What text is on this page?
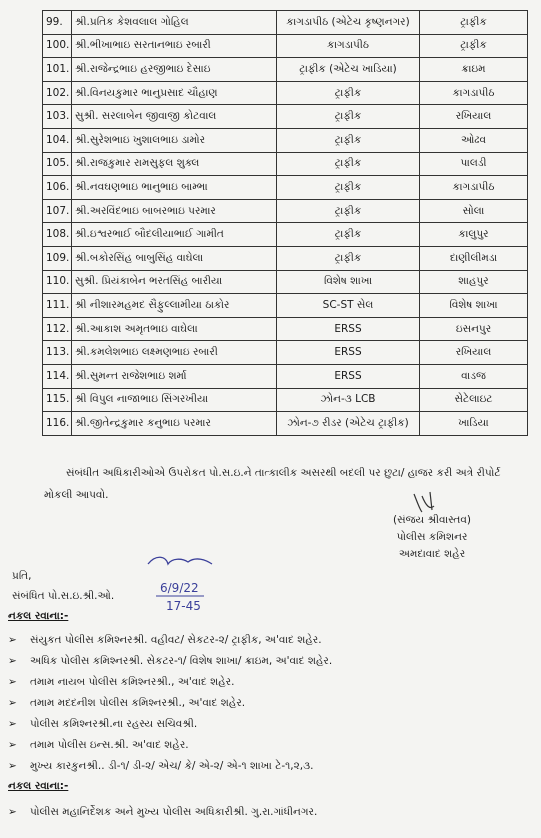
99.	શ્રી.પ્રતિક કેશવલાલ ગોહિલ	કાગડાપીઠ (એટેચ કૃષ્ણનગર)	ટ્રાફીક
100.	શ્રી.ભીખાભાઇ સરતાનભાઇ રબારી	કાગડાપીઠ	ટ્રાફીક
101.	શ્રી.રાજેન્દ્રભાઇ હરજીભાઇ દેસાઇ	ટ્રાફીક (એટેચ ખાડિયા)	ક્રાઇમ
102.	શ્રી.વિનયકુમાર ભાનુપ્રસાદ ચૌહાણ	ટ્રાફીક	કાગડાપીઠ
103.	સુશ્રી. સરલાબેન જીવાજી કોટવાલ	ટ્રાફીક	રખિયાલ
104.	શ્રી.સુરેશભાઇ ખુશાલભાઇ ડામોર	ટ્રાફીક	ઓઢવ
105.	શ્રી.રાજકુમાર રામસુફલ શુક્લ	ટ્રાફીક	પાલડી
106.	શ્રી.નવઘણભાઇ ભાનુભાઇ બામ્ભા	ટ્રાફીક	કાગડાપીઠ
107.	શ્રી.અરવિંદભાઇ બાબરભાઇ પરમાર	ટ્રાફીક	સોલા
108.	શ્રી.ઇશ્વરભાઈ બૌદલીયાભાઈ ગામીત	ટ્રાફીક	કાલુપુર
109.	શ્રી.બકોરસિંહ બાબુસિંહ વાઘેલા	ટ્રાફીક	દાણીલીમડા
110.	સુશ્રી. પ્રિયંકાબેન ભરતસિંહ બારીયા	વિશેષ શાખા	શાહપુર
111.	શ્રી નીશારમહમદ સૈફુલ્લામીયા ઠાકોર	SC-ST સેલ	વિશેષ શાખા
112.	શ્રી.આકાશ અમૃતભાઇ વાઘેલા	ERSS	ઇસનપુર
113.	શ્રી.કમલેશભાઇ લક્ષ્મણભાઇ રબારી	ERSS	રખિયાલ
114.	શ્રી.સુમન્ત રાજેશભાઇ શર્મા	ERSS	વાડજ
115.	શ્રી વિપુલ નાજાભાઇ સિંગરખીયા	ઝોન-૩ LCB	સેટેલાઇટ
116.	શ્રી.જીતેન્દ્રકુમાર કનુભાઇ પરમાર	ઝોન-૭ રીડર (એટેચ ટ્રાફીક)	ખાડિયા
સંબંધીત અધિકારીઓએ ઉપરોકત પો.સ.ઇ.ને તાત્કાલીક અસરથી બદલી પર છુટા/ હાજર કરી અત્રે રીપોર્ટ મોકલી આપવો.
(સંજય શ્રીવાસ્તવ)
પોલીસ કમિશનર
અમદાવાદ શહેર
પ્રતિ,
સંબંધિત પો.સ.ઇ.શ્રી.ઓ.
6/9/22
17-45
નકલ રવાના:-
➢ સંયુકત પોલીસ કમિશ્નરશ્રી. વહીવટ/ સેકટર-૨/ ટ્રાફીક, અ'વાદ શહેર.
➢ અધિક પોલીસ કમિશ્નરશ્રી. સેકટર-૧/ વિશેષ શાખા/ ક્રાઇમ, અ'વાદ શહેર.
➢ તમામ નાયબ પોલીસ કમિશ્નરશ્રી., અ'વાદ શહેર.
➢ તમામ મદદનીશ પોલીસ કમિશ્નરશ્રી., અ'વાદ શહેર.
➢ પોલીસ કમિશ્નરશ્રી.ના રહસ્ય સચિવશ્રી.
➢ તમામ પોલીસ ઇન્સ.શ્રી. અ'વાદ શહેર.
➢ મુખ્ય કારકુનશ્રી.. ડી-૧/ ડી-૨/ એચ/ કે/ એ-૨/ એ-૧ શાખા ટે-૧,૨,૩.
નકલ રવાના:-
➢ પોલીસ મહાનિર્દેશક અને મુખ્ય પોલીસ અધિકારીશ્રી. ગુ.રા.ગાંધીનગર.
